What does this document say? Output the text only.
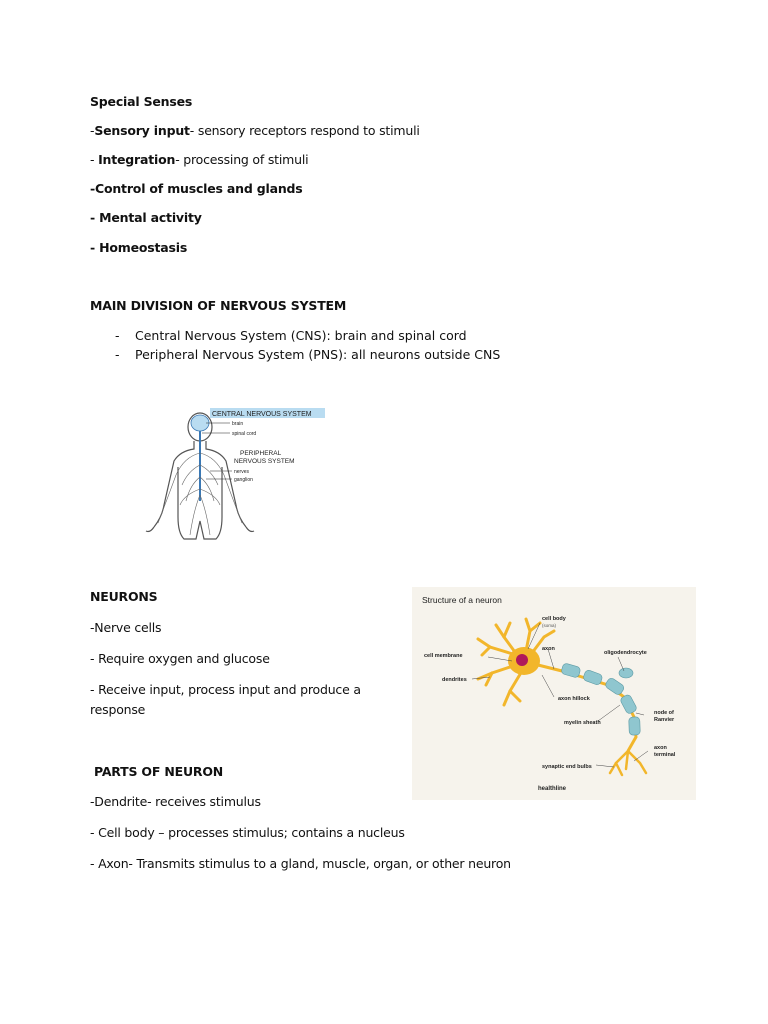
Special Senses
-Sensory input- sensory receptors respond to stimuli
- Integration- processing of stimuli
-Control of muscles and glands
- Mental activity
- Homeostasis
MAIN DIVISION OF NERVOUS SYSTEM
- Central Nervous System (CNS): brain and spinal cord
- Peripheral Nervous System (PNS): all neurons outside CNS
CENTRAL NERVOUS SYSTEM
brain
spinal cord
PERIPHERAL
NERVOUS SYSTEM
nerves
ganglion
NEURONS
-Nerve cells
- Require oxygen and glucose
- Receive input, process input and produce a
response
Structure of a neuron
cell body
(soma)
axon
oligodendrocyte
cell membrane
dendrites
axon hillock
node of
Ranvier
myelin sheath
axon
terminal
synaptic end bulbs
healthline
PARTS OF NEURON
-Dendrite- receives stimulus
- Cell body – processes stimulus; contains a nucleus
- Axon- Transmits stimulus to a gland, muscle, organ, or other neuron
